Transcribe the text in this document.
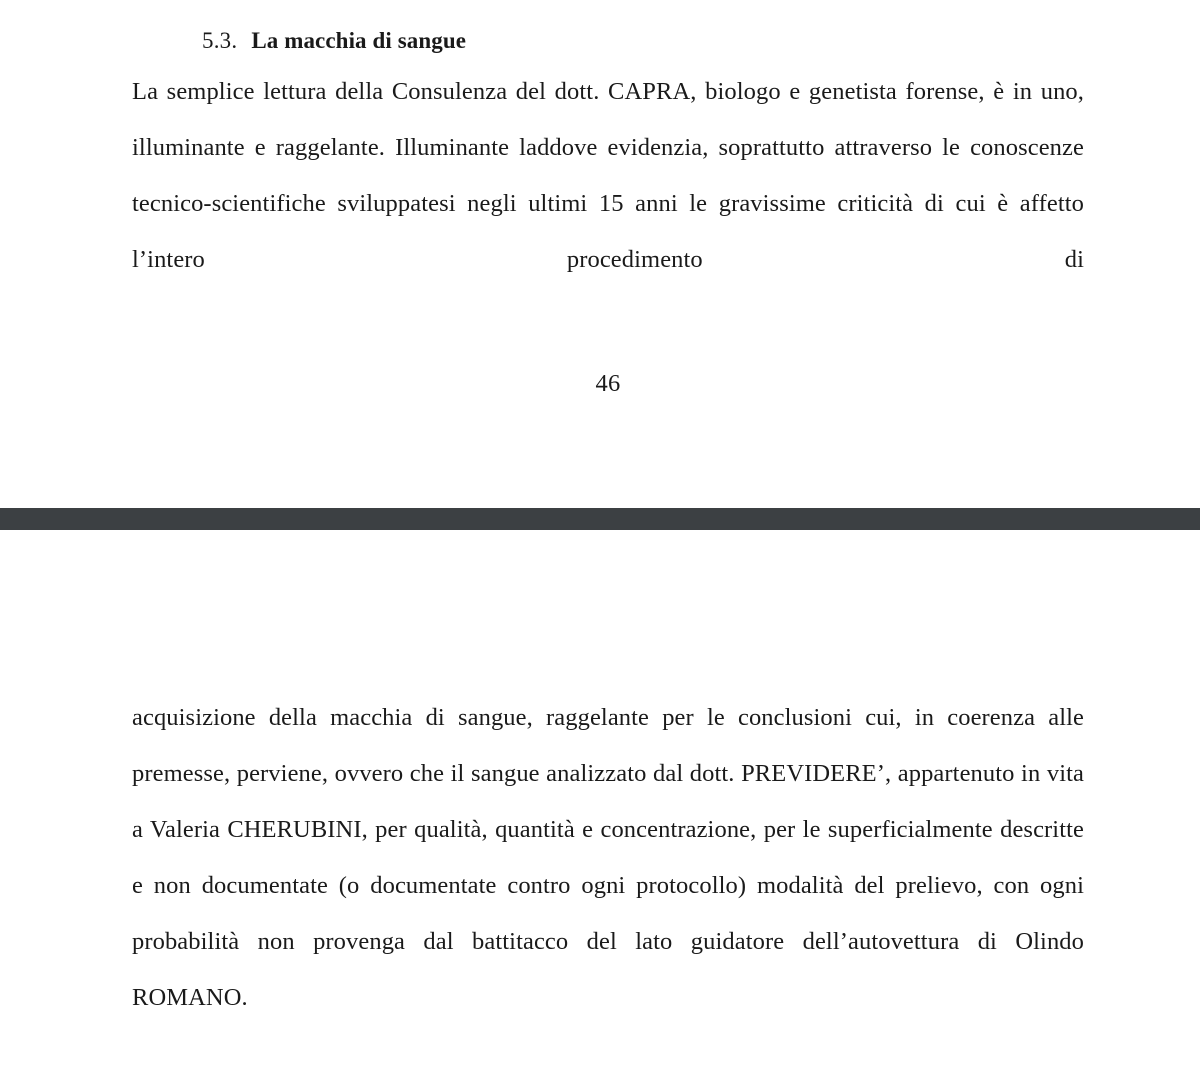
5.3. La macchia di sangue

La semplice lettura della Consulenza del dott. CAPRA, biologo e genetista forense, è in uno, illuminante e raggelante. Illuminante laddove evidenzia, soprattutto attraverso le conoscenze tecnico-scientifiche sviluppatesi negli ultimi 15 anni le gravissime criticità di cui è affetto l’intero procedimento di

46

acquisizione della macchia di sangue, raggelante per le conclusioni cui, in coerenza alle premesse, perviene, ovvero che il sangue analizzato dal dott. PREVIDERE’, appartenuto in vita a Valeria CHERUBINI, per qualità, quantità e concentrazione, per le superficialmente descritte e non documentate (o documentate contro ogni protocollo) modalità del prelievo, con ogni probabilità non provenga dal battitacco del lato guidatore dell’autovettura di Olindo ROMANO.
